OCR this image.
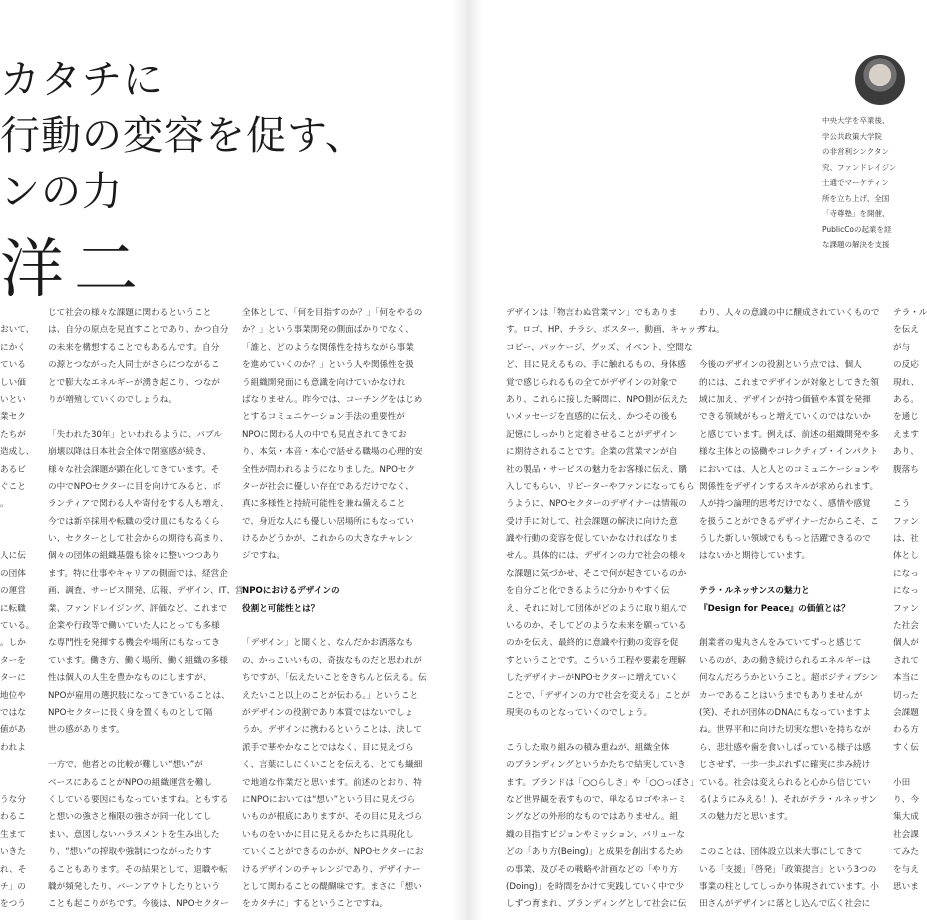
カタチに
行動の変容を促す、
ンの力
洋二
中央大学を卒業後、
学公共政策大学院
の非営利シンクタン
究、ファンドレイジン
士通でマーケティン
所を立ち上げ、全国
「寺尊塾」を開催、
PublicCoの起業を経
な課題の解決を支援
おいて、
にかく
ている
しい価
いとい
業セク
たちが
造成し、
あるビ
ぐこと
。
人に伝
の団体
の運営
に転職
ている。
。しか
ターを
ターに
地位や
ではな
値があ
われよ
うな分
わるこ
生まて
いきた
れ、そ
チ」の
をつう
じて社会の様々な課題に関わるということ
は、自分の原点を見直すことであり、かつ自分
の未来を構想することでもあるんです。自分
の源とつながった人同士がさらにつながるこ
とで膨大なエネルギーが湧き起こり、つなが
りが増殖していくのでしょうね。
「失われた30年」といわれるように、バブル
崩壊以降は日本社会全体で閉塞感が続き、
様々な社会課題が顕在化してきています。そ
の中でNPOセクターに目を向けてみると、ボ
ランティアで関わる人や寄付をする人も増え、
今では新卒採用や転職の受け皿にもなるくら
い、セクターとして社会からの期待も高まり、
個々の団体の組織基盤も徐々に整いつつあり
ます。特に仕事やキャリアの側面では、経営企
画、調査、サービス開発、広報、デザイン、IT、営
業、ファンドレイジング、評価など、これまで
企業や行政等で働いていた人にとっても多様
な専門性を発揮する機会や場所にもなってき
ています。働き方、働く場所、働く組織の多様
性は個人の人生を豊かなものにしますが、
NPOが雇用の選択肢になってきていることは、
NPOセクターに長く身を置くものとして隔
世の感があります。
一方で、他者との比較が難しい“想い”が
ベースにあることがNPOの組織運営を難し
くしている要因にもなっていますね。ともする
と想いの強さと権限の強さが同一化してし
まい、意図しないハラスメントを生み出した
り、“想い”の搾取や強制につながったりす
ることもあります。その結果として、退職や転
職が頻発したり、バーンアウトしたりという
ことも起こりがちです。今後は、NPOセクター
全体として、「何を目指すのか？」「何をやるの
か？」という事業開発の側面ばかりでなく、
「誰と、どのような関係性を持ちながら事業
を進めていくのか？」という人や関係性を扱
う組織開発面にも意識を向けていかなけれ
ばなりません。昨今では、コーチングをはじめ
とするコミュニケーション手法の重要性が
NPOに関わる人の中でも見直されてきてお
り、本気・本音・本心で話せる職場の心理的安
全性が問われるようになりました。NPOセク
ターが社会に優しい存在であるだけでなく、
真に多様性と持続可能性を兼ね備えること
で、身近な人にも優しい居場所にもなってい
けるかどうかが、これからの大きなチャレン
ジですね。
NPOにおけるデザインの
役割と可能性とは？
「デザイン」と聞くと、なんだかお洒落なも
の、かっこいいもの、奇抜なものだと思われが
ちですが、「伝えたいことをきちんと伝える。伝
えたいこと以上のことが伝わる。」ということ
がデザインの役割であり本質ではないでしょ
うか。デザインに携わるということは、決して
派手で華やかなことではなく、目に見えづら
く、言葉にしにくいことを伝える、とても繊細
で地道な作業だと思います。前述のとおり、特
にNPOにおいては“想い”という目に見えづら
いものが根底にありますが、その目に見えづら
いものをいかに目に見えるかたちに具現化し
ていくことができるのかが、NPOセクターにお
けるデザインのチャレンジであり、デザイナー
として関わることの醍醐味です。まさに「想い
をカタチに」するということですね。
デザインは「物言わぬ営業マン」でもありま
す。ロゴ、HP、チラシ、ポスター、動画、キャッチ
コピー、パッケージ、グッズ、イベント、空間な
ど、目に見えるもの、手に触れるもの、身体感
覚で感じられるもの全てがデザインの対象で
あり、これらに接した瞬間に、NPO側が伝えた
いメッセージを直感的に伝え、かつその後も
記憶にしっかりと定着させることがデザイン
に期待されることです。企業の営業マンが自
社の製品・サービスの魅力をお客様に伝え、購
入してもらい、リピーターやファンになってもら
うように、NPOセクターのデザイナーは情報の
受け手に対して、社会課題の解決に向けた意
識や行動の変容を促していかなければなりま
せん。具体的には、デザインの力で社会の様々
な課題に気づかせ、そこで何が起きているのか
を自分ごと化できるように分かりやすく伝
え、それに対して団体がどのように取り組んで
いるのか、そしてどのような未来を願っている
のかを伝え、最終的に意識や行動の変容を促
すということです。こういう工程や要素を理解
したデザイナーがNPOセクターに増えていく
ことで、「デザインの力で社会を変える」ことが
現実のものとなっていくのでしょう。
こうした取り組みの積み重ねが、組織全体
のブランディングというかたちで結実していき
ます。ブランドは「○○らしさ」や「○○っぽさ」
など世界観を表すもので、単なるロゴやネーミ
ングなどの外形的なものではありません。組
織の目指すビジョンやミッション、バリューな
どの「あり方(Being)」と成果を創出するため
の事業、及びその戦略や計画などの「やり方
(Doing)」を時間をかけて実践していく中で少
しずつ育まれ、ブランディングとして社会に伝
わり、人々の意識の中に醸成されていくもので
すね。
今後のデザインの役割という点では、個人
的には、これまでデザインが対象としてきた領
域に加え、デザインが持つ価値や本質を発揮
できる領域がもっと増えていくのではないか
と感じています。例えば、前述の組織開発や多
様な主体との協働やコレクティブ・インパクト
においては、人と人とのコミュニケーションや
関係性をデザインするスキルが求められます。
人が持つ論理的思考だけでなく、感情や感覚
を扱うことができるデザイナーだからこそ、こ
うした新しい領域でももっと活躍できるので
はないかと期待しています。
テラ・ルネッサンスの魅力と
『Design for Peace』の価値とは？
創業者の鬼丸さんをみていてずっと感じて
いるのが、あの動き続けられるエネルギーは
何なんだろうかということ。超ポジティブシン
カーであることはいうまでもありませんが
(笑)、それが団体のDNAにもなっていますよ
ね。世界平和に向けた切実な想いを持ちなが
ら、悲壮感や歯を食いしばっている様子は感
じさせず、一歩一歩ぶれずに確実に歩み続け
ている。社会は変えられると心から信じてい
る(ようにみえる！)、それがテラ・ルネッサン
スの魅力だと思います。
このことは、団体設立以来大事にしてきて
いる「支援」「啓発」「政策提言」という3つの
事業の柱としてしっかり体現されています。小
田さんがデザインに落とし込んで広く社会に
テラ・ル
を伝え
が与
の反応
現れ、
ある。
を通じ
えます
あり、
腹落ち
こう
ファン
は、社
体とし
になっ
になっ
ファン
た社会
個人が
されて
本当に
切った
会課題
わる方
すく伝
小田
り、今
集大成
社会課
てみた
を与え
思いま
